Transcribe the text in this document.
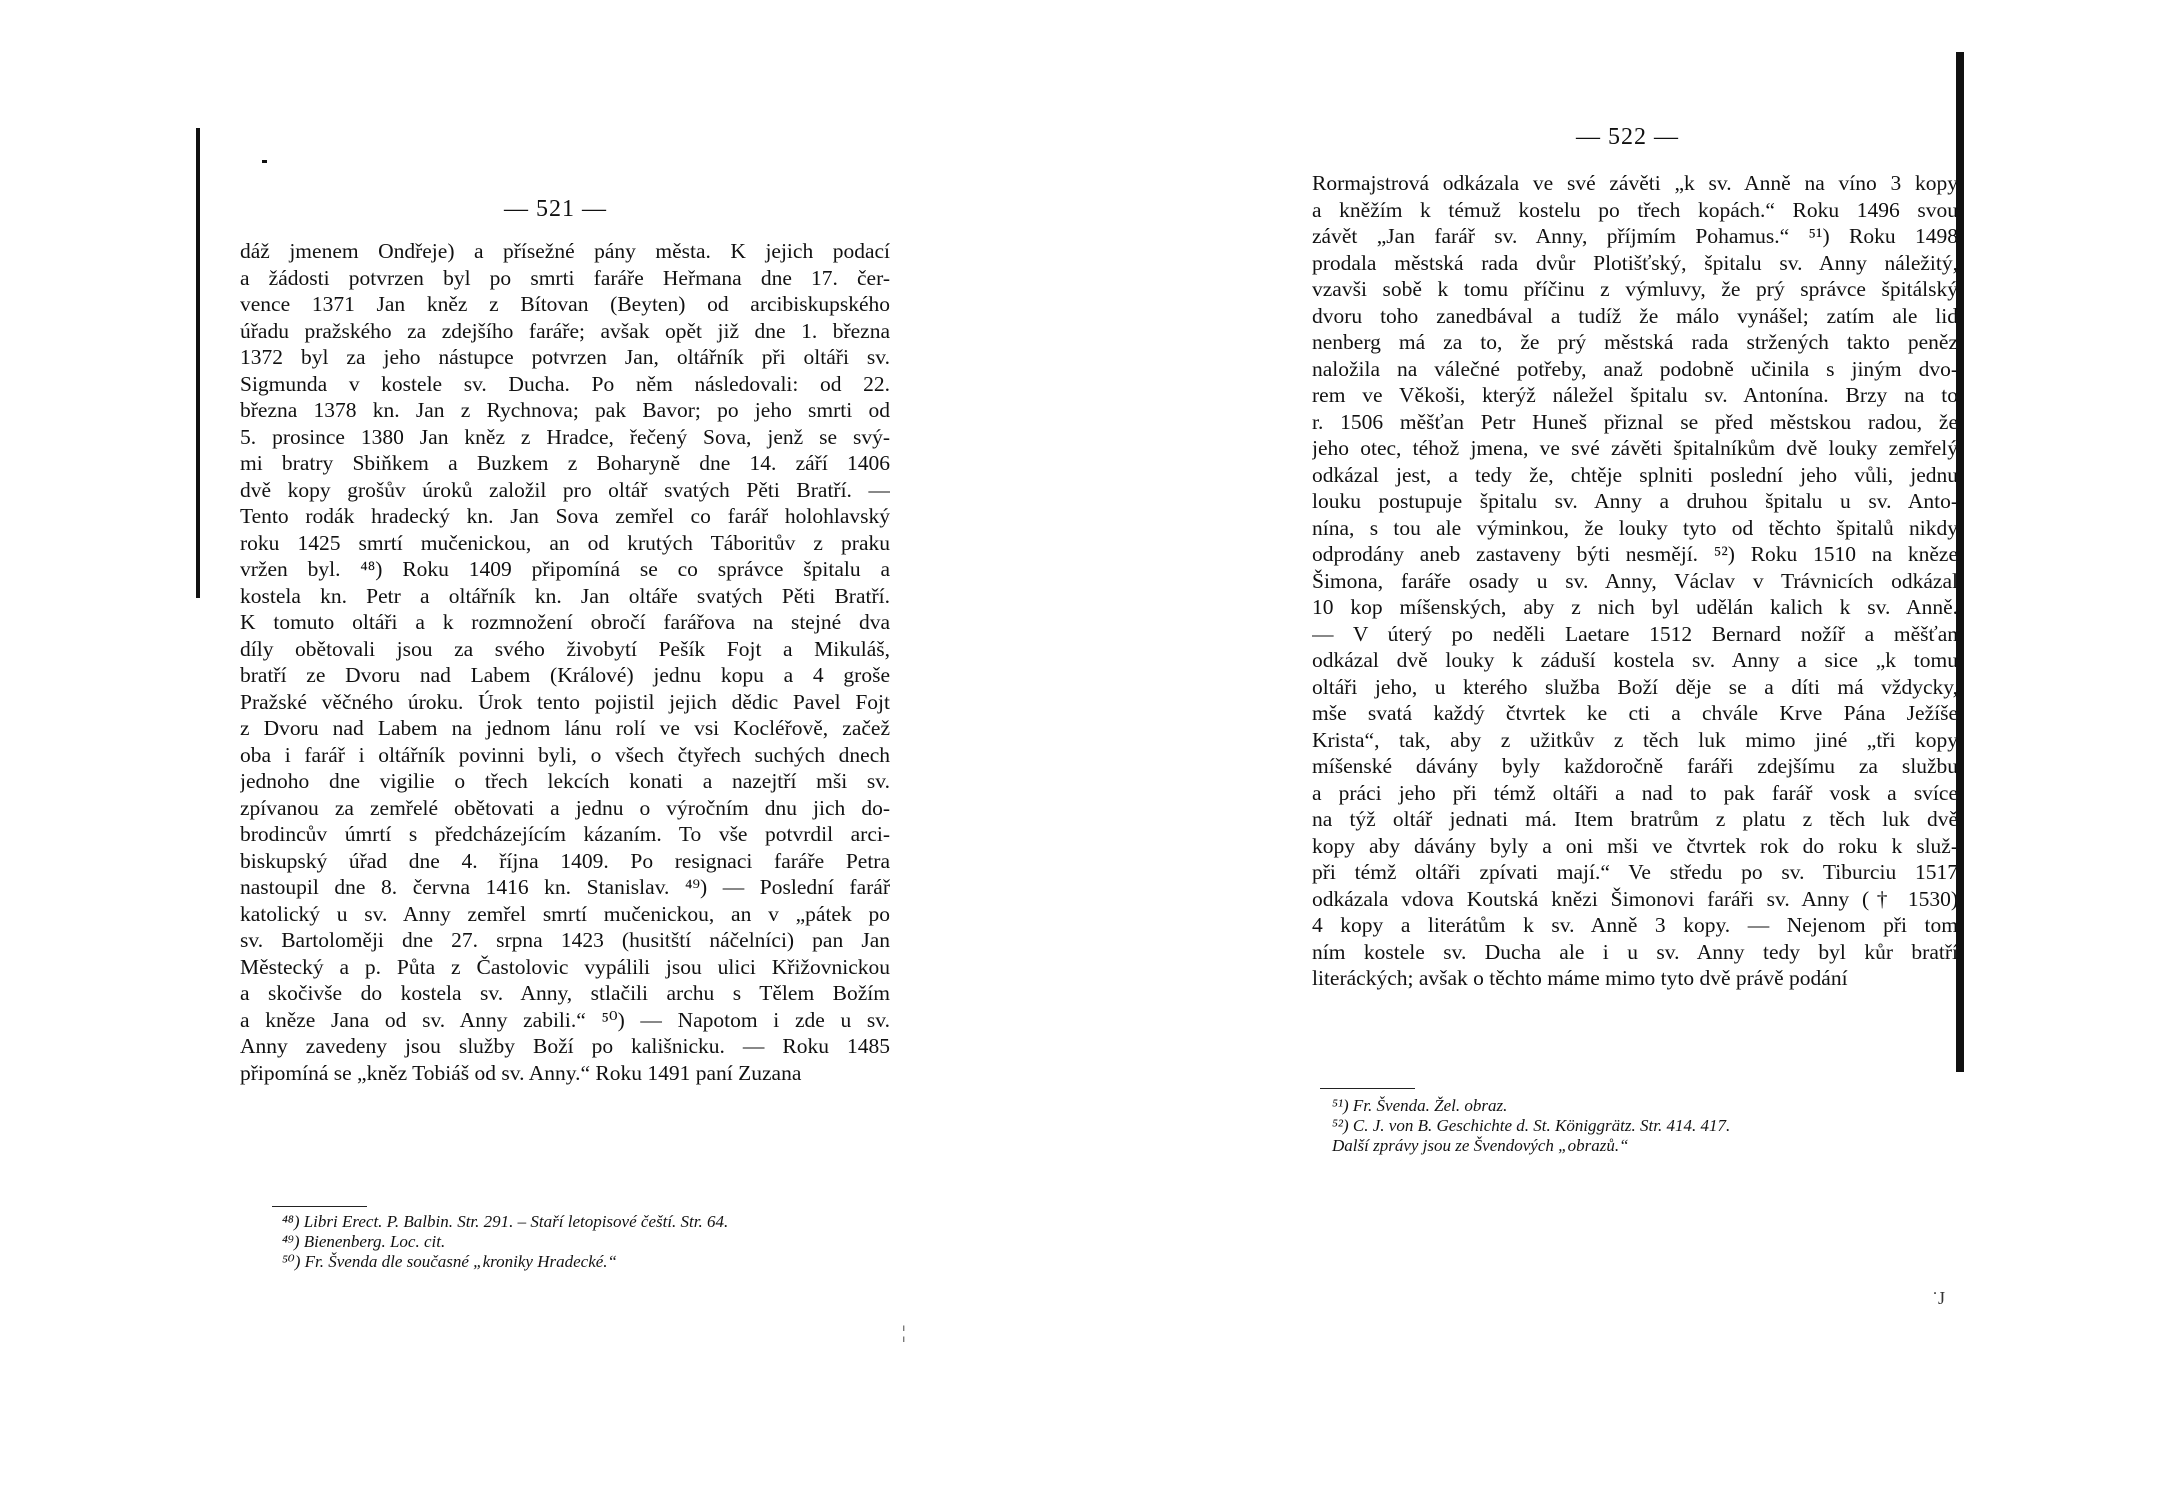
— 521 —
dáž jmenem Ondřeje) a přísežné pány města. K jejich podací
a žádosti potvrzen byl po smrti faráře Heřmana dne 17. čer-
vence 1371 Jan kněz z Bítovan (Beyten) od arcibiskupského
úřadu pražského za zdejšího faráře; avšak opět již dne 1. března
1372 byl za jeho nástupce potvrzen Jan, oltářník při oltáři sv.
Sigmunda v kostele sv. Ducha. Po něm následovali: od 22.
března 1378 kn. Jan z Rychnova; pak Bavor; po jeho smrti od
5. prosince 1380 Jan kněz z Hradce, řečený Sova, jenž se svý-
mi bratry Sbiňkem a Buzkem z Boharyně dne 14. září 1406
dvě kopy grošův úroků založil pro oltář svatých Pěti Bratří. —
Tento rodák hradecký kn. Jan Sova zemřel co farář holohlavský
roku 1425 smrtí mučenickou, an od krutých Táboritův z praku
vržen byl. ⁴⁸) Roku 1409 připomíná se co správce špitalu a
kostela kn. Petr a oltářník kn. Jan oltáře svatých Pěti Bratří.
K tomuto oltáři a k rozmnožení obročí farářova na stejné dva
díly obětovali jsou za svého živobytí Pešík Fojt a Mikuláš,
bratří ze Dvoru nad Labem (Králové) jednu kopu a 4 groše
Pražské věčného úroku. Úrok tento pojistil jejich dědic Pavel Fojt
z Dvoru nad Labem na jednom lánu rolí ve vsi Kocléřově, začež
oba i farář i oltářník povinni byli, o všech čtyřech suchých dnech
jednoho dne vigilie o třech lekcích konati a nazejtří mši sv.
zpívanou za zemřelé obětovati a jednu o výročním dnu jich do-
brodincův úmrtí s předcházejícím kázaním. To vše potvrdil arci-
biskupský úřad dne 4. října 1409. Po resignaci faráře Petra
nastoupil dne 8. června 1416 kn. Stanislav. ⁴⁹) — Poslední farář
katolický u sv. Anny zemřel smrtí mučenickou, an v „pátek po
sv. Bartoloměji dne 27. srpna 1423 (husitští náčelníci) pan Jan
Městecký a p. Půta z Častolovic vypálili jsou ulici Křižovnickou
a skočivše do kostela sv. Anny, stlačili archu s Tělem Božím
a kněze Jana od sv. Anny zabili.“ ⁵⁰) — Napotom i zde u sv.
Anny zavedeny jsou služby Boží po kališnicku. — Roku 1485
připomíná se „kněz Tobiáš od sv. Anny.“ Roku 1491 paní Zuzana
⁴⁸) Libri Erect. P. Balbin. Str. 291. – Staří letopisové čeští. Str. 64.
⁴⁹) Bienenberg. Loc. cit.
⁵⁰) Fr. Švenda dle současné „kroniky Hradecké.“
— 522 —
Rormajstrová odkázala ve své závěti „k sv. Anně na víno 3 kopy
a kněžím k témuž kostelu po třech kopách.“ Roku 1496 svou
závět „Jan farář sv. Anny, příjmím Pohamus.“ ⁵¹) Roku 1498
prodala městská rada dvůr Plotišťský, špitalu sv. Anny náležitý,
vzavši sobě k tomu příčinu z výmluvy, že prý správce špitálský
dvoru toho zanedbával a tudíž že málo vynášel; zatím ale lid
nenberg má za to, že prý městská rada stržených takto peněz
naložila na válečné potřeby, anaž podobně učinila s jiným dvo-
rem ve Věkoši, kterýž náležel špitalu sv. Antonína. Brzy na to
r. 1506 měšťan Petr Huneš přiznal se před městskou radou, že
jeho otec, téhož jmena, ve své závěti špitalníkům dvě louky zemřelý
odkázal jest, a tedy že, chtěje splniti poslední jeho vůli, jednu
louku postupuje špitalu sv. Anny a druhou špitalu u sv. Anto-
nína, s tou ale výminkou, že louky tyto od těchto špitalů nikdy
odprodány aneb zastaveny býti nesmějí. ⁵²) Roku 1510 na kněze
Šimona, faráře osady u sv. Anny, Václav v Trávnicích odkázal
10 kop míšenských, aby z nich byl udělán kalich k sv. Anně.
— V úterý po neděli Laetare 1512 Bernard nožíř a měšťan
odkázal dvě louky k záduší kostela sv. Anny a sice „k tomu
oltáři jeho, u kterého služba Boží děje se a díti má vždycky,
mše svatá každý čtvrtek ke cti a chvále Krve Pána Ježíše
Krista“, tak, aby z užitkův z těch luk mimo jiné „tři kopy
míšenské dávány byly každoročně faráři zdejšímu za službu
a práci jeho při témž oltáři a nad to pak farář vosk a svíce
na týž oltář jednati má. Item bratrům z platu z těch luk dvě
kopy aby dávány byly a oni mši ve čtvrtek rok do roku k služ-
při témž oltáři zpívati mají.“ Ve středu po sv. Tiburciu 1517
odkázala vdova Koutská knězi Šimonovi faráři sv. Anny († 1530)
4 kopy a literátům k sv. Anně 3 kopy. — Nejenom při tom
ním kostele sv. Ducha ale i u sv. Anny tedy byl kůr bratří
literáckých; avšak o těchto máme mimo tyto dvě právě podání
⁵¹) Fr. Švenda. Žel. obraz.
⁵²) C. J. von B. Geschichte d. St. Königgrätz. Str. 414. 417.
Další zprávy jsou ze Švendových „obrazů.“
¦
˙J
